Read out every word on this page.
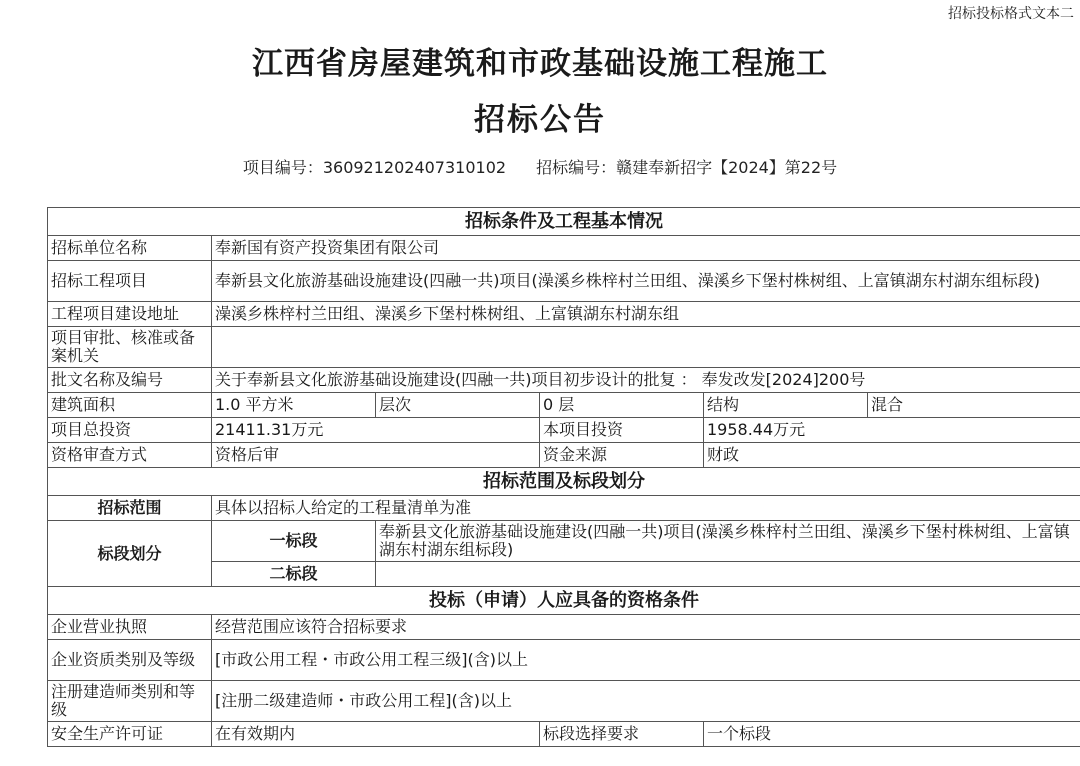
招标投标格式文本二
江西省房屋建筑和市政基础设施工程施工
招标公告
项目编号：360921202407310102 招标编号：赣建奉新招字【2024】第22号
招标条件及工程基本情况					
招标单位名称	奉新国有资产投资集团有限公司				
招标工程项目	奉新县文化旅游基础设施建设(四融一共)项目(澡溪乡株梓村兰田组、澡溪乡下堡村株树组、上富镇湖东村湖东组标段)				
工程项目建设地址	澡溪乡株梓村兰田组、澡溪乡下堡村株树组、上富镇湖东村湖东组				
项目审批、核准或备案机关					
批文名称及编号	关于奉新县文化旅游基础设施建设(四融一共)项目初步设计的批复 ： 奉发改发[2024]200号				
建筑面积	1.0 平方米	层次	0 层	结构	混合
项目总投资	21411.31万元		本项目投资	1958.44万元	
资格审查方式	资格后审		资金来源	财政	
招标范围及标段划分					
招标范围	具体以招标人给定的工程量清单为准				
标段划分	一标段	奉新县文化旅游基础设施建设(四融一共)项目(澡溪乡株梓村兰田组、澡溪乡下堡村株树组、上富镇湖东村湖东组标段)			
	二标段				
投标（申请）人应具备的资格条件					
企业营业执照	经营范围应该符合招标要求				
企业资质类别及等级	[市政公用工程・市政公用工程三级](含)以上				
注册建造师类别和等级	[注册二级建造师・市政公用工程](含)以上				
安全生产许可证	在有效期内		标段选择要求	一个标段	
